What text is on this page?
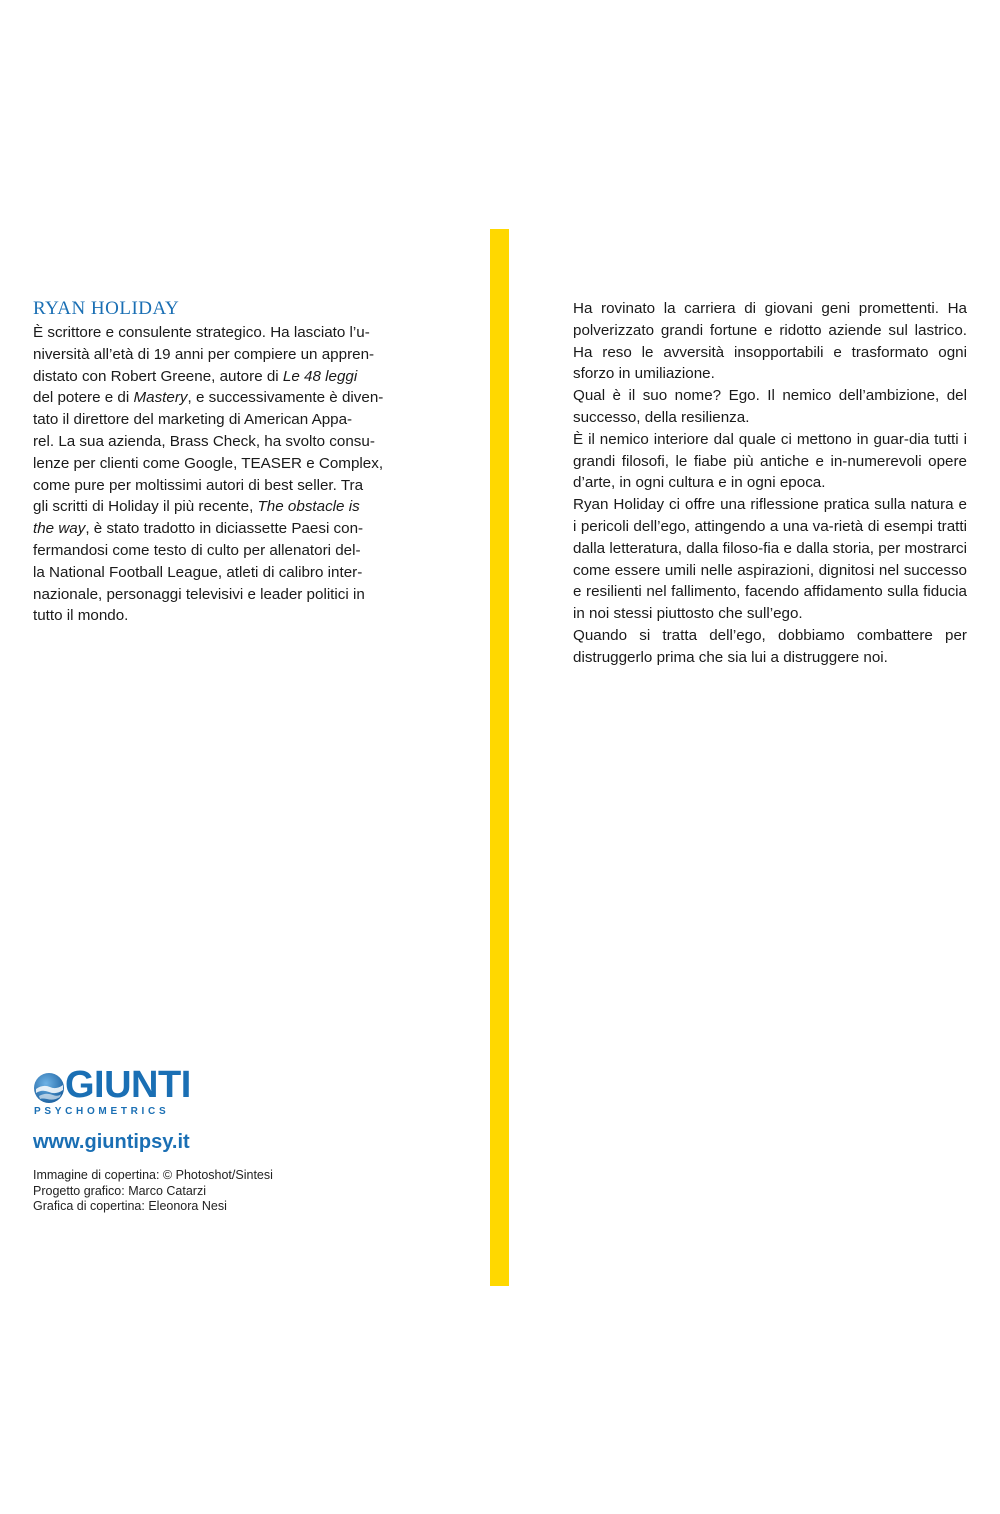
RYAN HOLIDAY

È scrittore e consulente strategico. Ha lasciato l’u-
niversità all’età di 19 anni per compiere un appren-
distato con Robert Greene, autore di Le 48 leggi
del potere e di Mastery, e successivamente è diven-
tato il direttore del marketing di American Appa-
rel. La sua azienda, Brass Check, ha svolto consu-
lenze per clienti come Google, TEASER e Complex,
come pure per moltissimi autori di best seller. Tra
gli scritti di Holiday il più recente, The obstacle is
the way, è stato tradotto in diciassette Paesi con-
fermandosi come testo di culto per allenatori del-
la National Football League, atleti di calibro inter-
nazionale, personaggi televisivi e leader politici in
tutto il mondo.

Ha rovinato la carriera di giovani geni promettenti. Ha polverizzato grandi fortune e ridotto aziende sul lastrico. Ha reso le avversità insopportabili e trasformato ogni sforzo in umiliazione.

Qual è il suo nome? Ego. Il nemico dell’ambizione, del successo, della resilienza.

È il nemico interiore dal quale ci mettono in guar-dia tutti i grandi filosofi, le fiabe più antiche e in-numerevoli opere d’arte, in ogni cultura e in ogni epoca.

Ryan Holiday ci offre una riflessione pratica sulla natura e i pericoli dell’ego, attingendo a una va-rietà di esempi tratti dalla letteratura, dalla filoso-fia e dalla storia, per mostrarci come essere umili nelle aspirazioni, dignitosi nel successo e resilienti nel fallimento, facendo affidamento sulla fiducia in noi stessi piuttosto che sull’ego.

Quando si tratta dell’ego, dobbiamo combattere per distruggerlo prima che sia lui a distruggere noi.

GIUNTI
PSYCHOMETRICS
www.giuntipsy.it
Immagine di copertina: © Photoshot/Sintesi
Progetto grafico: Marco Catarzi
Grafica di copertina: Eleonora Nesi
